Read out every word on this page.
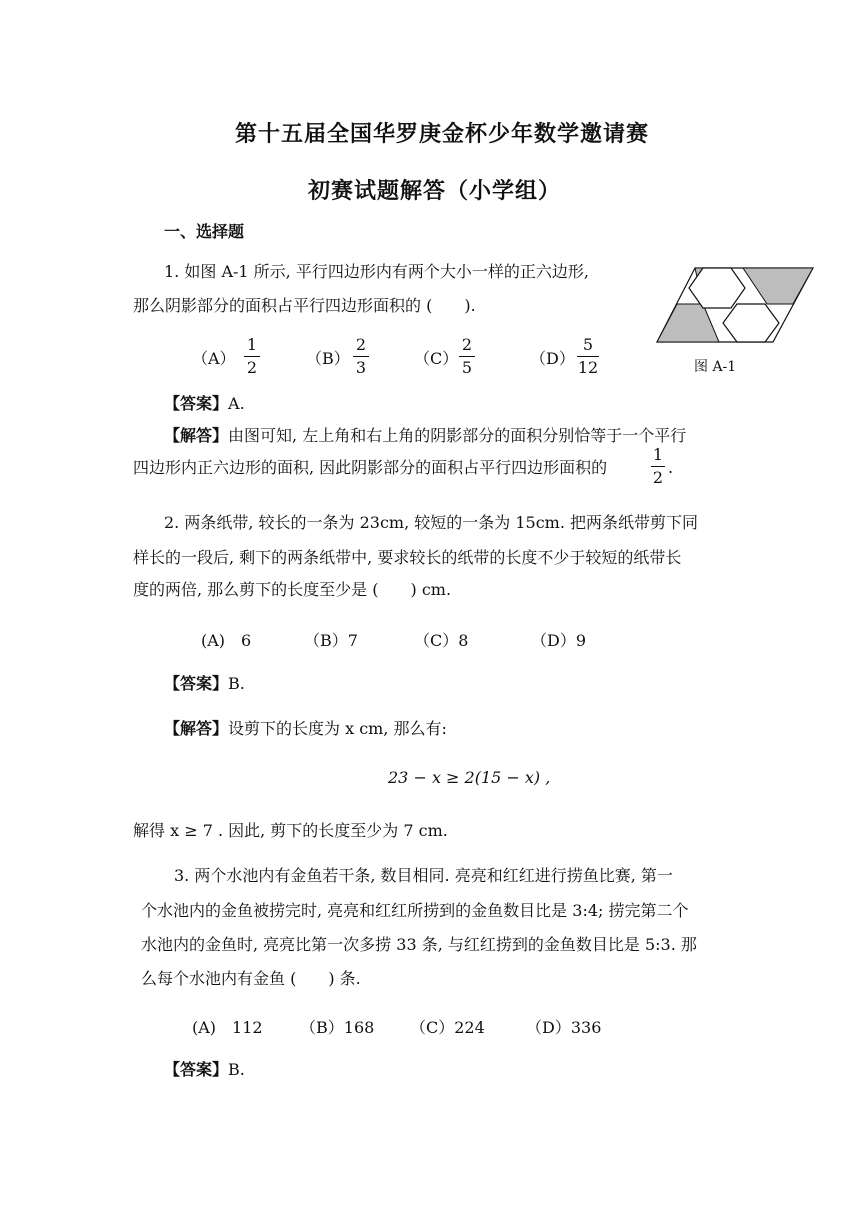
第十五届全国华罗庚金杯少年数学邀请赛
初赛试题解答（小学组）
一、选择题
1. 如图 A-1 所示, 平行四边形内有两个大小一样的正六边形,
那么阴影部分的面积占平行四边形面积的 (　　).
（A）
1
2	（B）
2
3	（C）
2
5	（D）
5
12	图 A-1
【答案】A.
【解答】由图可知, 左上角和右上角的阴影部分的面积分别恰等于一个平行
四边形内正六边形的面积, 因此阴影部分的面积占平行四边形面积的
1
2
.
2. 两条纸带, 较长的一条为 23cm, 较短的一条为 15cm. 把两条纸带剪下同
样长的一段后, 剩下的两条纸带中, 要求较长的纸带的长度不少于较短的纸带长
度的两倍, 那么剪下的长度至少是 (　　) cm.
(A)　6	（B）7	（C）8	（D）9
【答案】B.
【解答】设剪下的长度为 x cm, 那么有:
23 − x ≥ 2(15 − x) ,
解得 x ≥ 7 . 因此, 剪下的长度至少为 7 cm.
3. 两个水池内有金鱼若干条, 数目相同. 亮亮和红红进行捞鱼比赛, 第一
个水池内的金鱼被捞完时, 亮亮和红红所捞到的金鱼数目比是 3:4; 捞完第二个
水池内的金鱼时, 亮亮比第一次多捞 33 条, 与红红捞到的金鱼数目比是 5:3. 那
么每个水池内有金鱼 (　　) 条.
(A)　112 （B）168 （C）224	（D）336
【答案】B.
